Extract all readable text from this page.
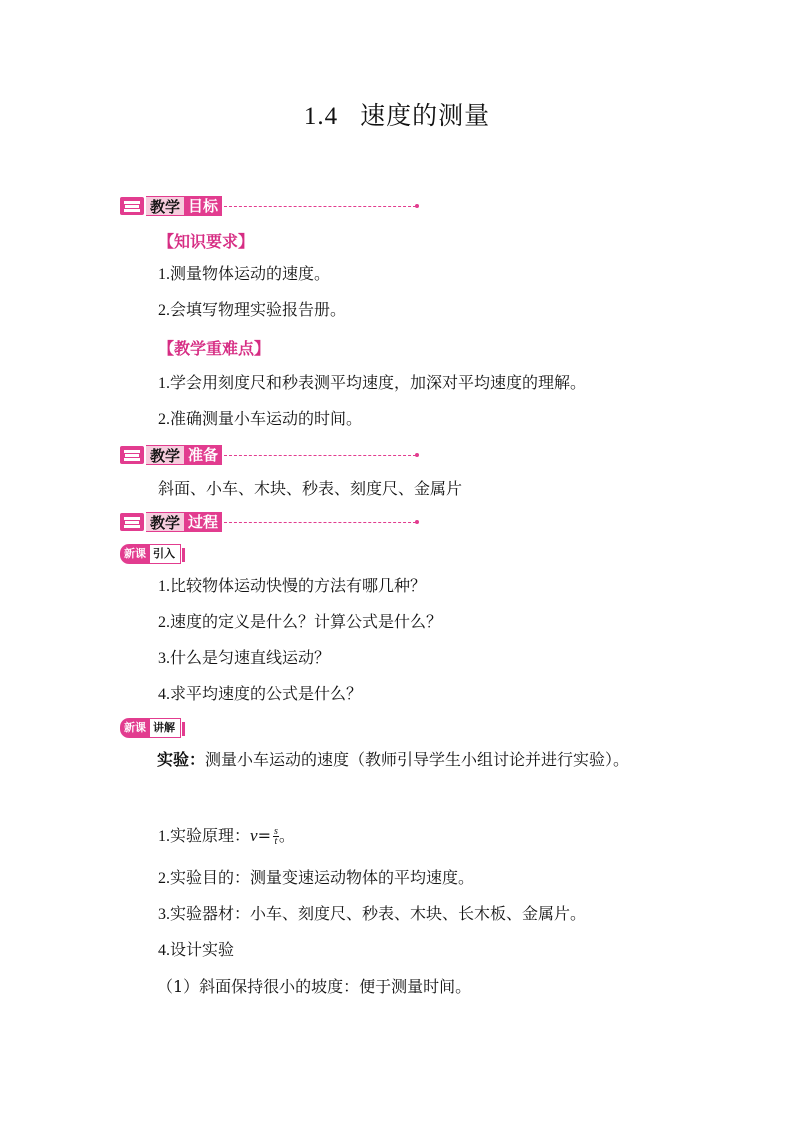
1.4 速度的测量
教学 目标
【知识要求】
1.测量物体运动的速度。
2.会填写物理实验报告册。
【教学重难点】
1.学会用刻度尺和秒表测平均速度，加深对平均速度的理解。
2.准确测量小车运动的时间。
教学 准备
斜面、小车、木块、秒表、刻度尺、金属片
教学 过程
新课 引入
1.比较物体运动快慢的方法有哪几种？
2.速度的定义是什么？计算公式是什么？
3.什么是匀速直线运动？
4.求平均速度的公式是什么？
新课 讲解
实验：测量小车运动的速度（教师引导学生小组讨论并进行实验）。
1.实验原理：$v= \frac{s}{t}$ 。
2.实验目的：测量变速运动物体的平均速度。
3.实验器材：小车、刻度尺、秒表、木块、长木板、金属片。
4.设计实验
（1）斜面保持很小的坡度：便于测量时间。
